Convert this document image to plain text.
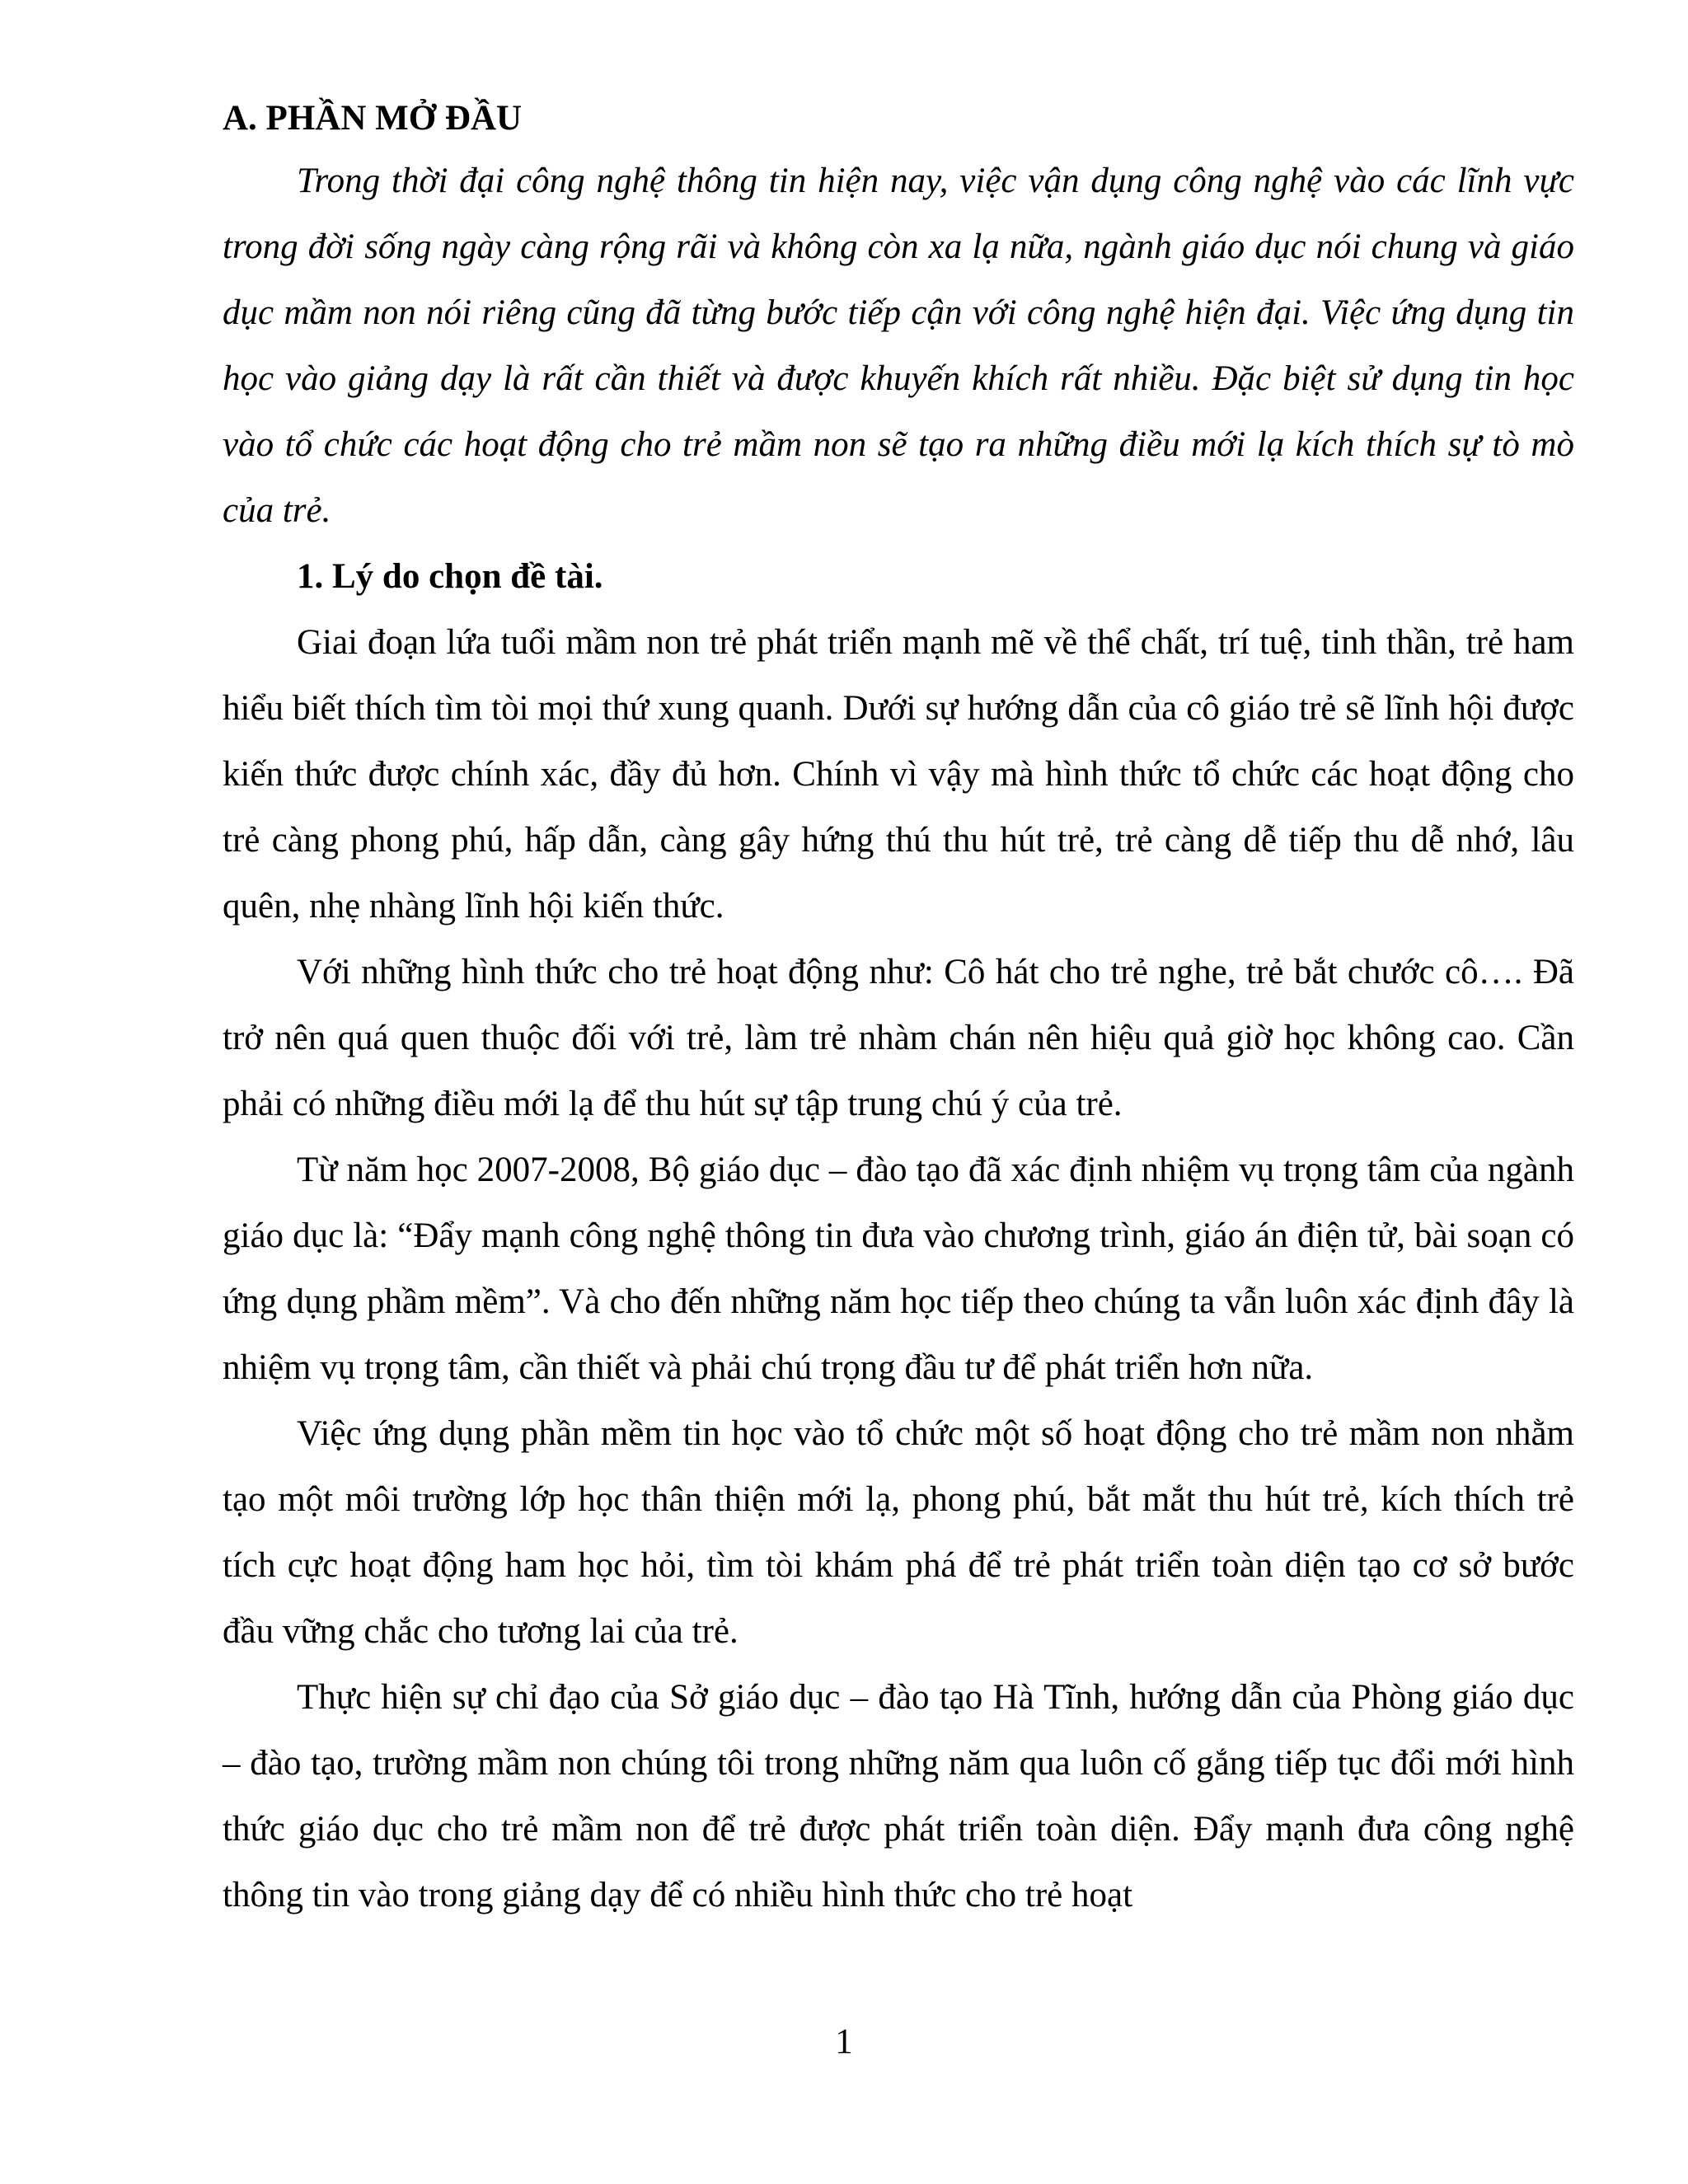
A. PHẦN MỞ ĐẦU

Trong thời đại công nghệ thông tin hiện nay, việc vận dụng công nghệ vào các lĩnh vực trong đời sống ngày càng rộng rãi và không còn xa lạ nữa, ngành giáo dục nói chung và giáo dục mầm non nói riêng cũng đã từng bước tiếp cận với công nghệ hiện đại. Việc ứng dụng tin học vào giảng dạy là rất cần thiết và được khuyến khích rất nhiều. Đặc biệt sử dụng tin học vào tổ chức các hoạt động cho trẻ mầm non sẽ tạo ra những điều mới lạ kích thích sự tò mò của trẻ.

1. Lý do chọn đề tài.

Giai đoạn lứa tuổi mầm non trẻ phát triển mạnh mẽ về thể chất, trí tuệ, tinh thần, trẻ ham hiểu biết thích tìm tòi mọi thứ xung quanh. Dưới sự hướng dẫn của cô giáo trẻ sẽ lĩnh hội được kiến thức được chính xác, đầy đủ hơn. Chính vì vậy mà hình thức tổ chức các hoạt động cho trẻ càng phong phú, hấp dẫn, càng gây hứng thú thu hút trẻ, trẻ càng dễ tiếp thu dễ nhớ, lâu quên, nhẹ nhàng lĩnh hội kiến thức.

Với những hình thức cho trẻ hoạt động như: Cô hát cho trẻ nghe, trẻ bắt chước cô…. Đã trở nên quá quen thuộc đối với trẻ, làm trẻ nhàm chán nên hiệu quả giờ học không cao. Cần phải có những điều mới lạ để thu hút sự tập trung chú ý của trẻ.

Từ năm học 2007-2008, Bộ giáo dục – đào tạo đã xác định nhiệm vụ trọng tâm của ngành giáo dục là: “Đẩy mạnh công nghệ thông tin đưa vào chương trình, giáo án điện tử, bài soạn có ứng dụng phầm mềm”. Và cho đến những năm học tiếp theo chúng ta vẫn luôn xác định đây là nhiệm vụ trọng tâm, cần thiết và phải chú trọng đầu tư để phát triển hơn nữa.

Việc ứng dụng phần mềm tin học vào tổ chức một số hoạt động cho trẻ mầm non nhằm tạo một môi trường lớp học thân thiện mới lạ, phong phú, bắt mắt thu hút trẻ, kích thích trẻ tích cực hoạt động ham học hỏi, tìm tòi khám phá để trẻ phát triển toàn diện tạo cơ sở bước đầu vững chắc cho tương lai của trẻ.

Thực hiện sự chỉ đạo của Sở giáo dục – đào tạo Hà Tĩnh, hướng dẫn của Phòng giáo dục – đào tạo, trường mầm non chúng tôi trong những năm qua luôn cố gắng tiếp tục đổi mới hình thức giáo dục cho trẻ mầm non để trẻ được phát triển toàn diện. Đẩy mạnh đưa công nghệ thông tin vào trong giảng dạy để có nhiều hình thức cho trẻ hoạt

1
